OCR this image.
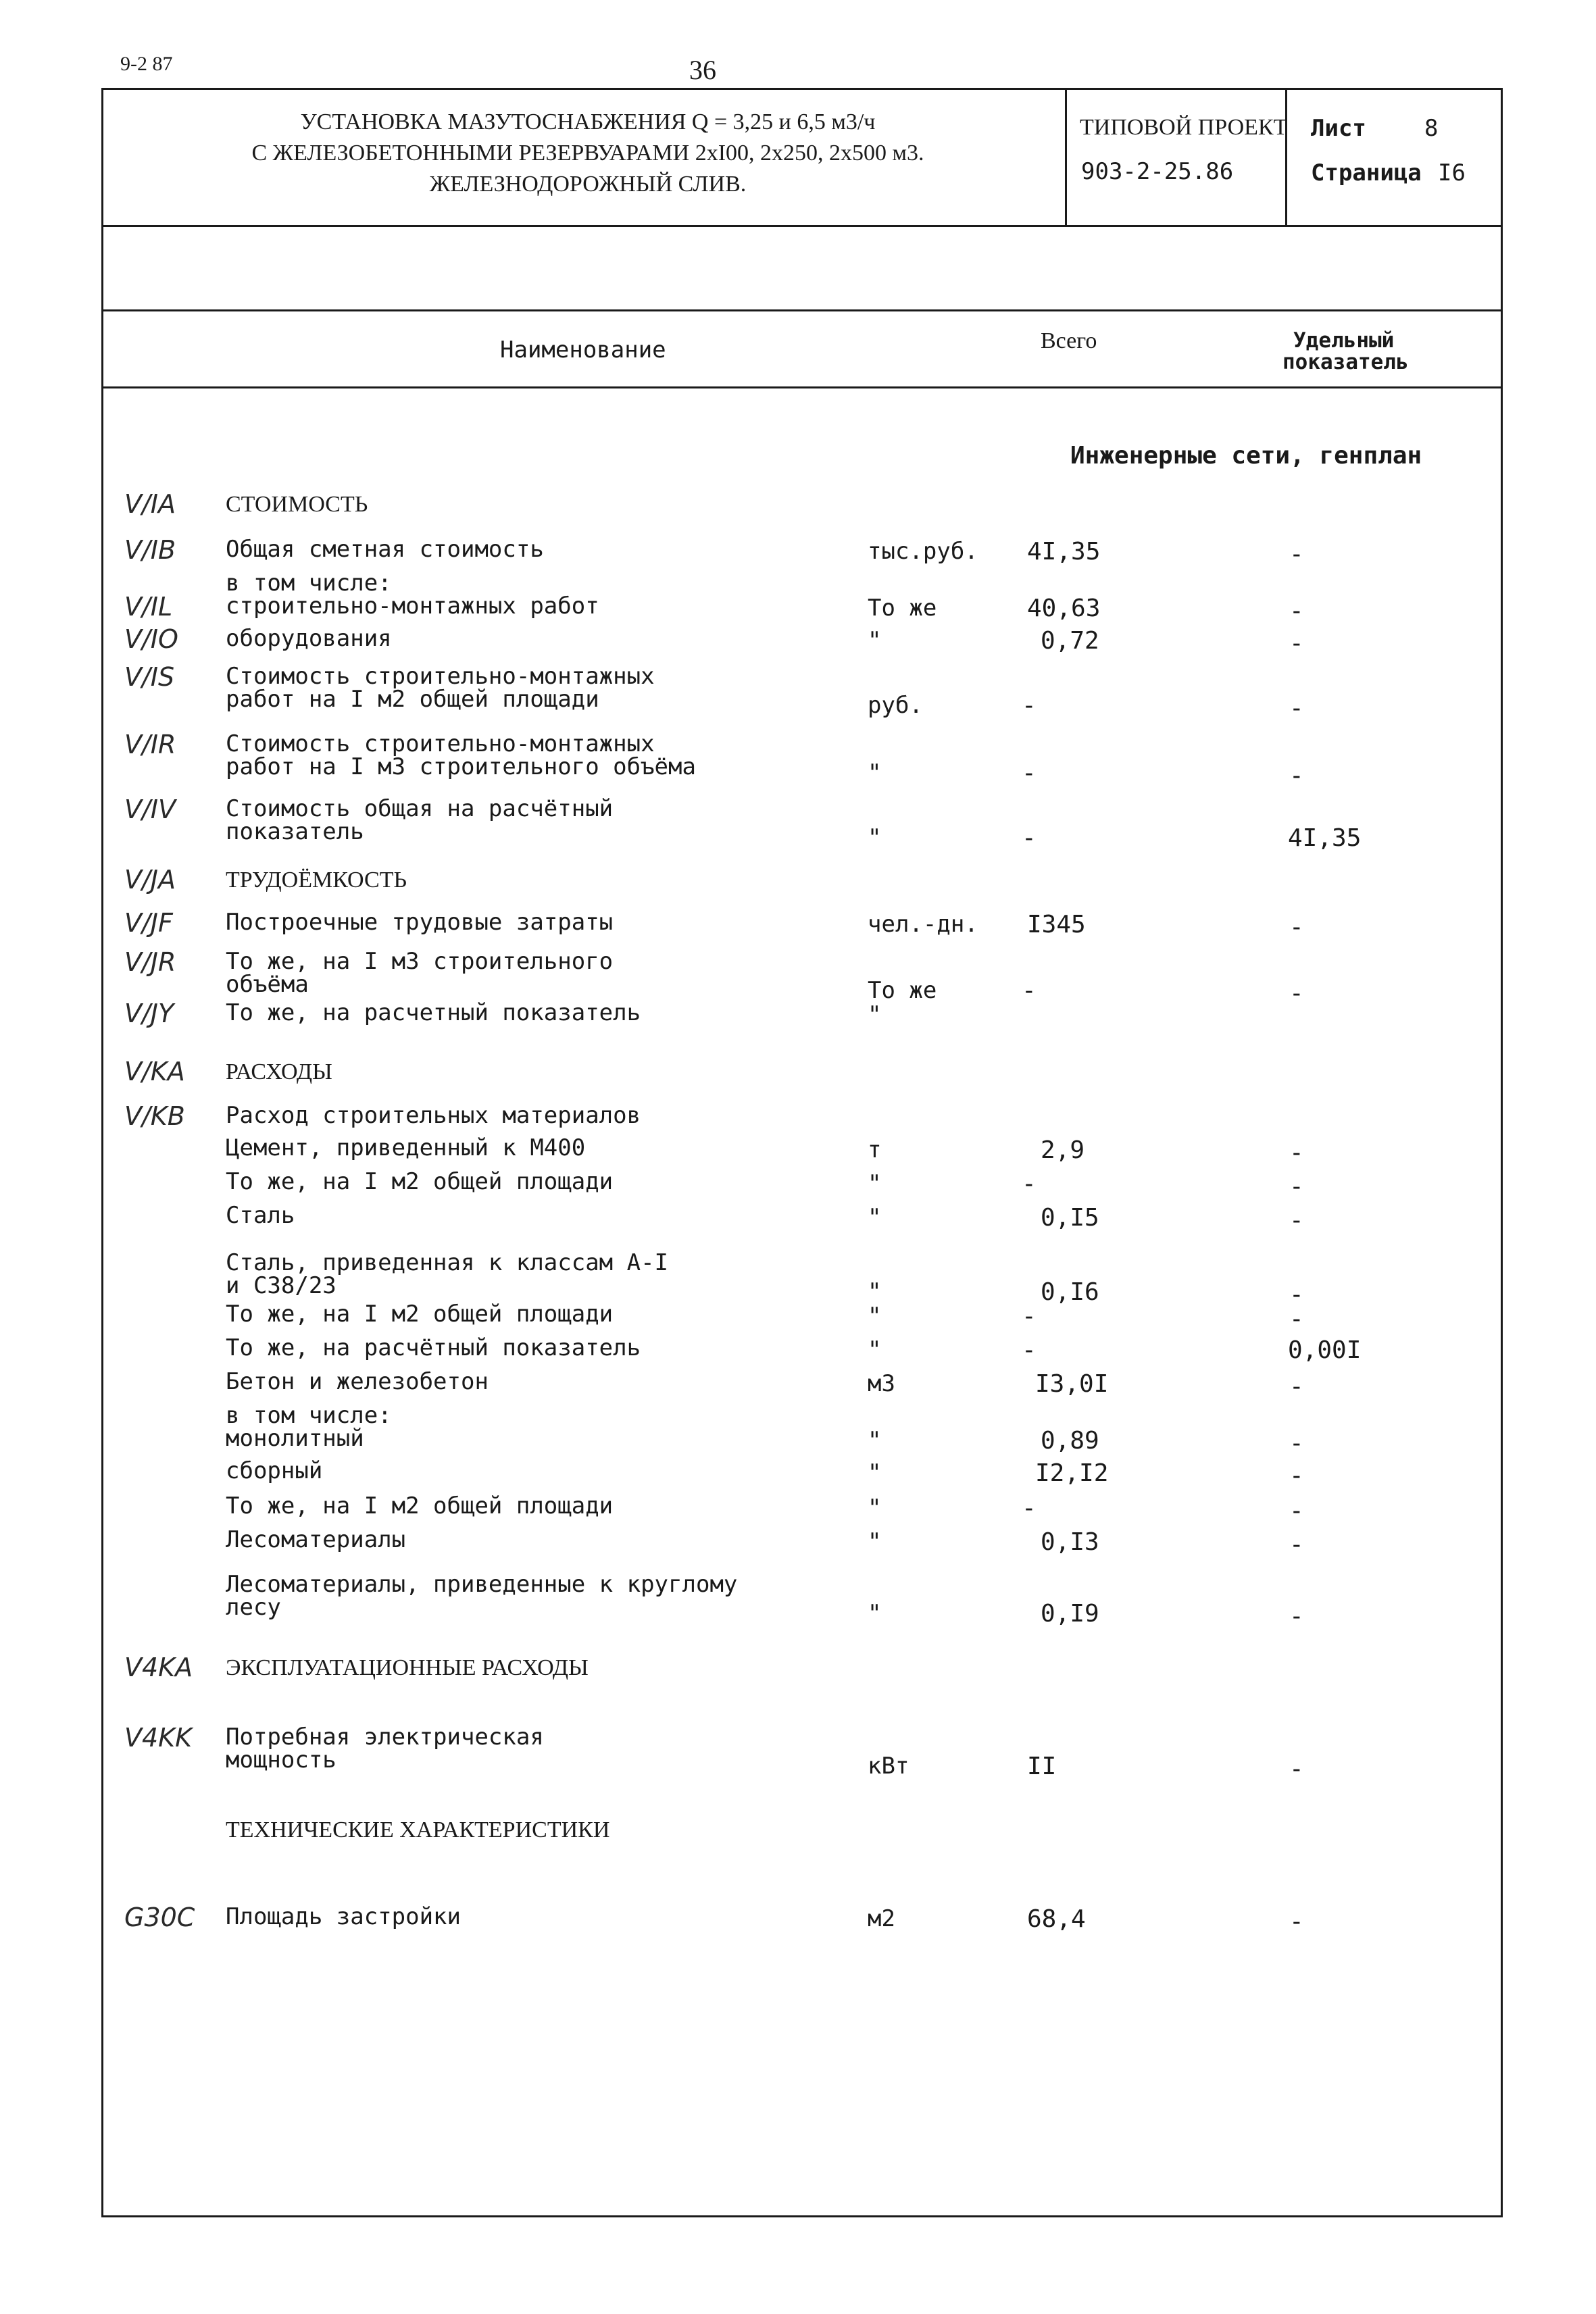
9-2 87	36
УСТАНОВКА МАЗУТОСНАБЖЕНИЯ Q = 3,25 и 6,5 м3/ч
С ЖЕЛЕЗОБЕТОННЫМИ РЕЗЕРВУАРАМИ 2хI00, 2х250, 2х500 м3.
ЖЕЛЕЗНОДОРОЖНЫЙ СЛИВ.
ТИПОВОЙ ПРОЕКТ
903-2-25.86
Лист	8
Страница I6
Наименование	Всего	Удельный
показатель
Инженерные сети, генплан
V/IA СТОИМОСТЬ
V/IB Общая сметная стоимость	тыс.руб. 4I,35	-
в том числе:
V/IL строительно-монтажных работ	То же	40,63	-
V/IO оборудования	"	0,72	-
V/IS Стоимость строительно-монтажных
работ на I м2 общей площади	руб.	-	-
V/IR Стоимость строительно-монтажных
работ на I м3 строительного объёма	"	-	-
V/IV Стоимость общая на расчётный
показатель	"	-	4I,35
V/JA ТРУДОЁМКОСТЬ
V/JF Построечные трудовые затраты	чел.-дн. I345	-
V/JR То же, на I м3 строительного
объёма	То же	-	-
V/JY То же, на расчетный показатель	"
V/KA РАСХОДЫ
V/KB Расход строительных материалов
Цемент, приведенный к М400	т	2,9	-
То же, на I м2 общей площади	"	-	-
Сталь	"	0,I5	-
Сталь, приведенная к классам А-I
и С38/23	"	0,I6	-
То же, на I м2 общей площади	"	-	-
То же, на расчётный показатель	"	-	0,00I
Бетон и железобетон	м3	I3,0I	-
в том числе:
монолитный	"	0,89	-
сборный	"	I2,I2	-
То же, на I м2 общей площади	"	-	-
Лесоматериалы	"	0,I3	-
Лесоматериалы, приведенные к круглому
лесу	"	0,I9	-
V4KA ЭКСПЛУАТАЦИОННЫЕ РАСХОДЫ
V4KK Потребная электрическая
мощность	кВт	II	-
ТЕХНИЧЕСКИЕ ХАРАКТЕРИСТИКИ
G30C Площадь застройки	м2	68,4	-
